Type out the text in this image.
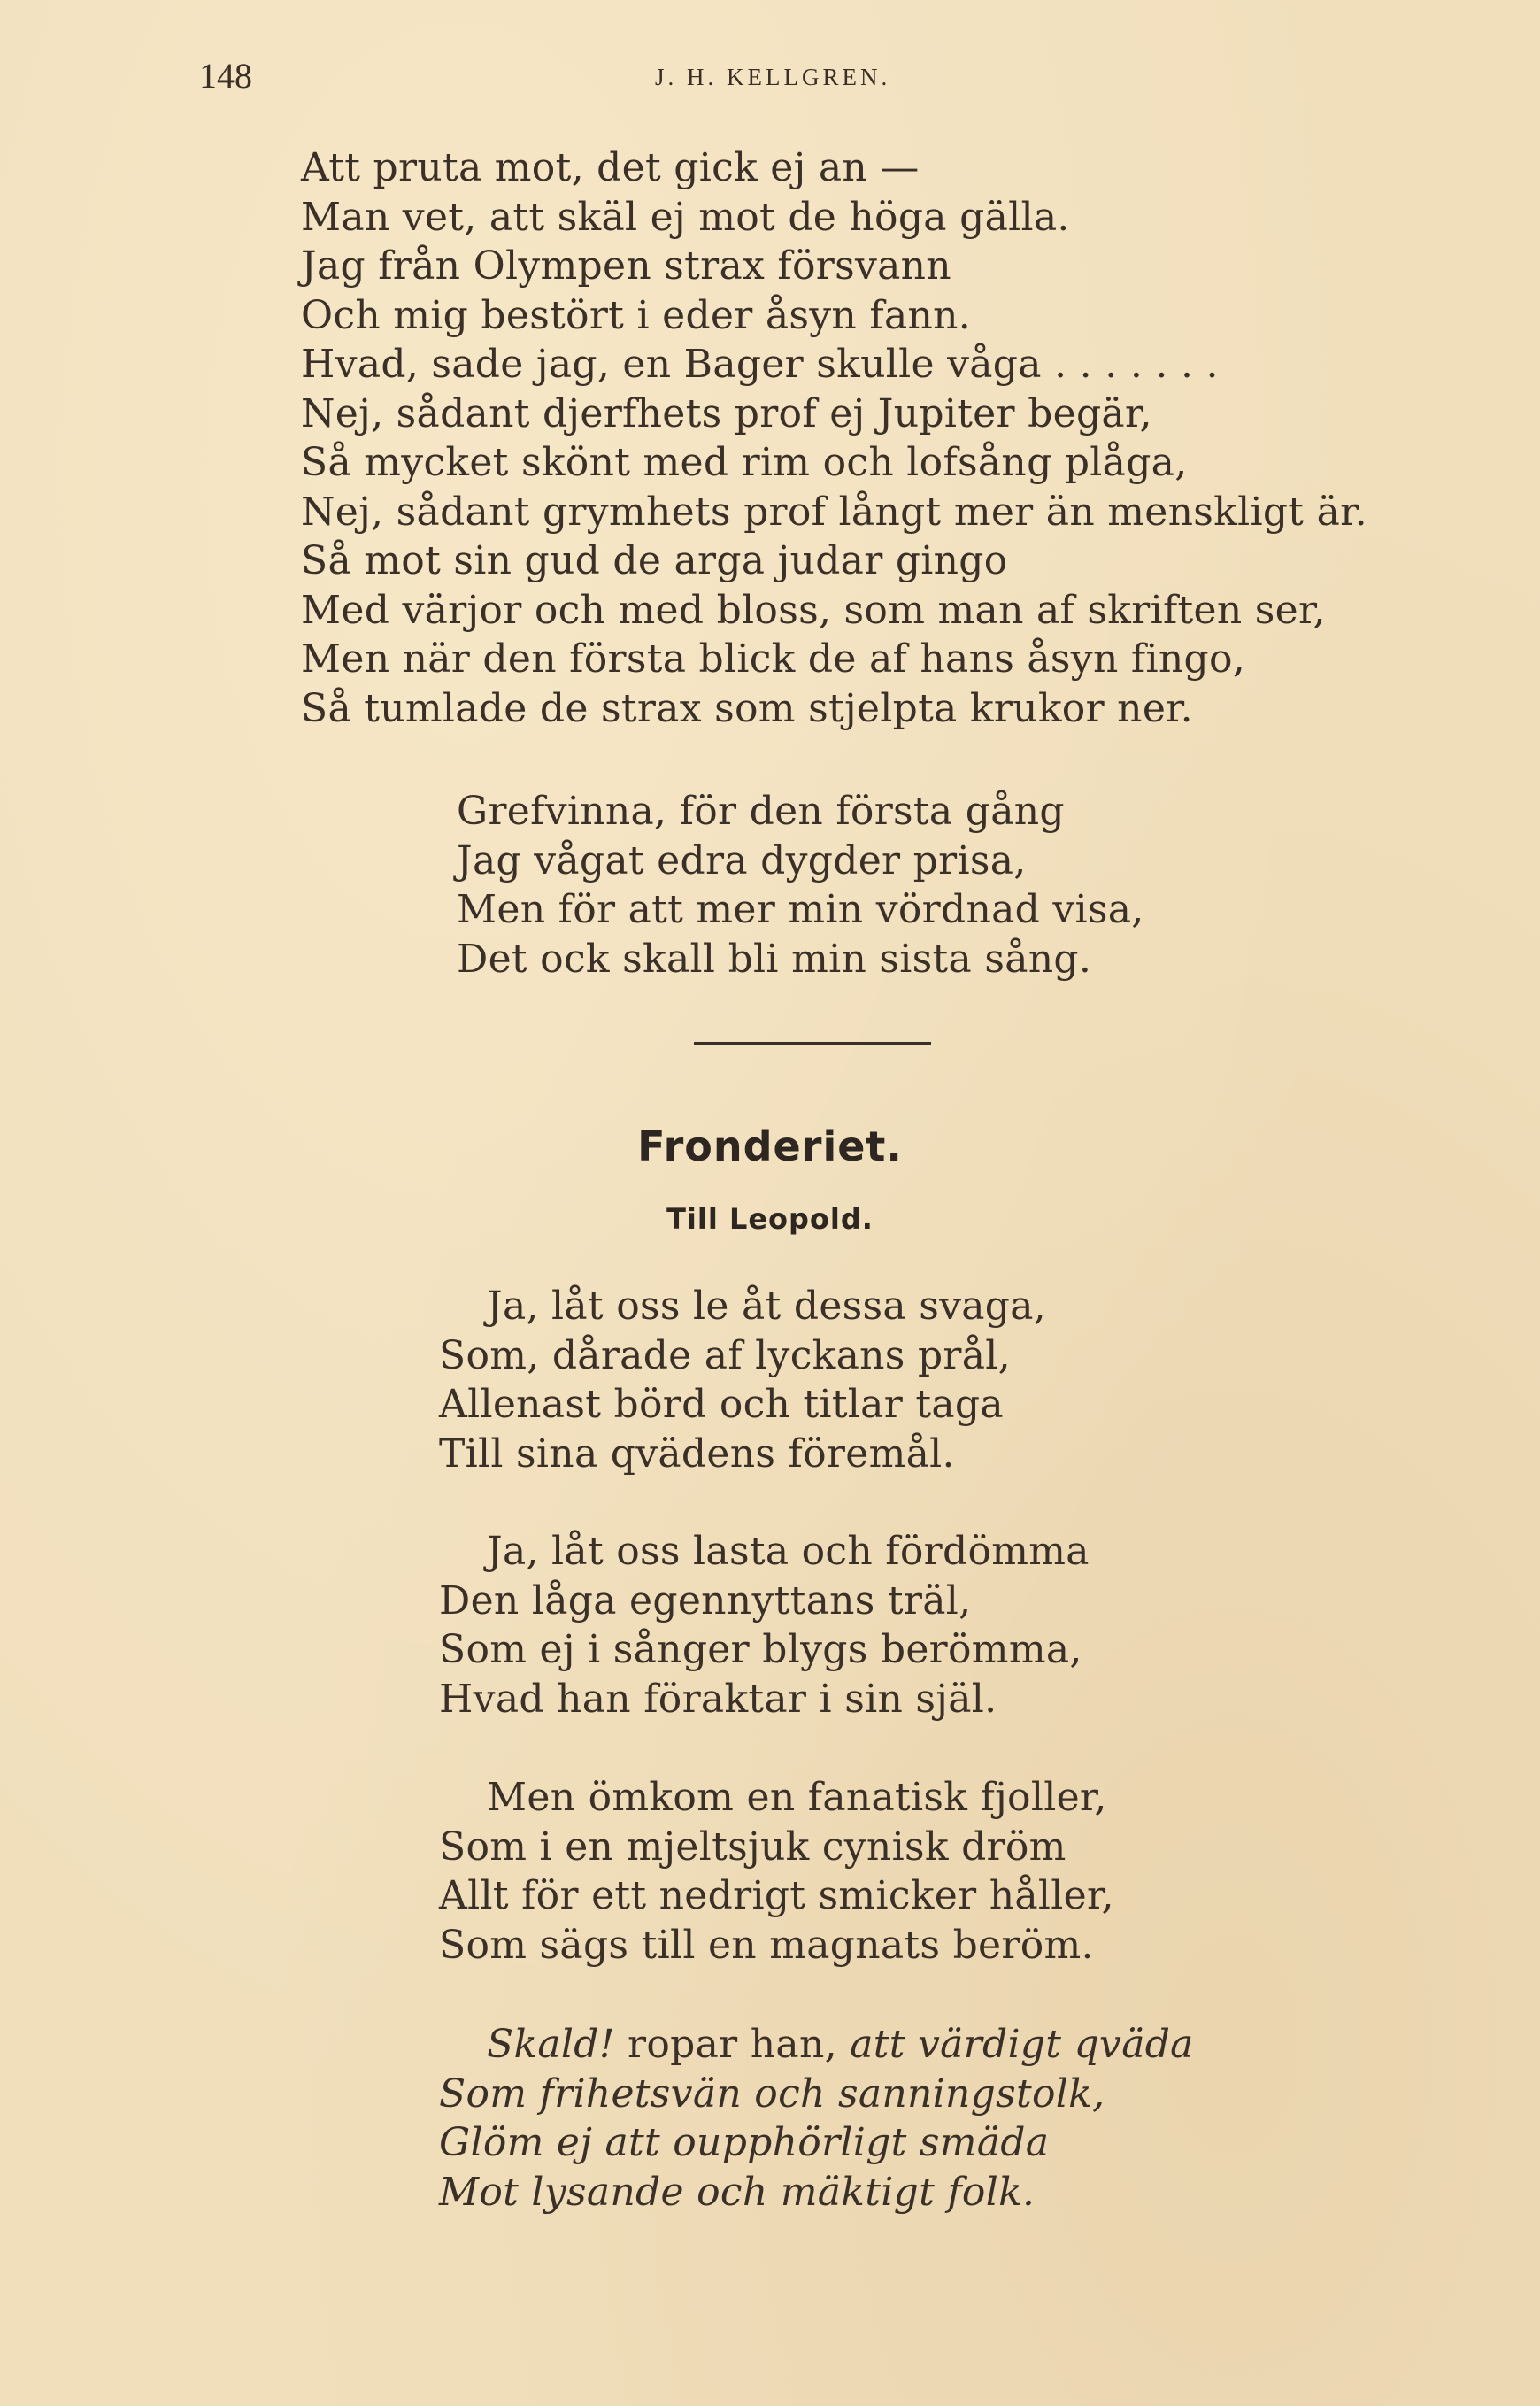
148	J. H. KELLGREN.
Att pruta mot, det gick ej an —
Man vet, att skäl ej mot de höga gälla.
Jag från Olympen strax försvann
Och mig bestört i eder åsyn fann.
Hvad, sade jag, en Bager skulle våga . . . . . . .
Nej, sådant djerfhets prof ej Jupiter begär,
Så mycket skönt med rim och lofsång plåga,
Nej, sådant grymhets prof långt mer än menskligt är.
Så mot sin gud de arga judar gingo
Med värjor och med bloss, som man af skriften ser,
Men när den första blick de af hans åsyn fingo,
Så tumlade de strax som stjelpta krukor ner.
Grefvinna, för den första gång
Jag vågat edra dygder prisa,
Men för att mer min vördnad visa,
Det ock skall bli min sista sång.
Fronderiet.
Till Leopold.
Ja, låt oss le åt dessa svaga,
Som, dårade af lyckans prål,
Allenast börd och titlar taga
Till sina qvädens föremål.
Ja, låt oss lasta och fördömma
Den låga egennyttans träl,
Som ej i sånger blygs berömma,
Hvad han föraktar i sin själ.
Men ömkom en fanatisk fjoller,
Som i en mjeltsjuk cynisk dröm
Allt för ett nedrigt smicker håller,
Som sägs till en magnats beröm.
Skald! ropar han, att värdigt qväda
Som frihetsvän och sanningstolk,
Glöm ej att oupphörligt smäda
Mot lysande och mäktigt folk.
